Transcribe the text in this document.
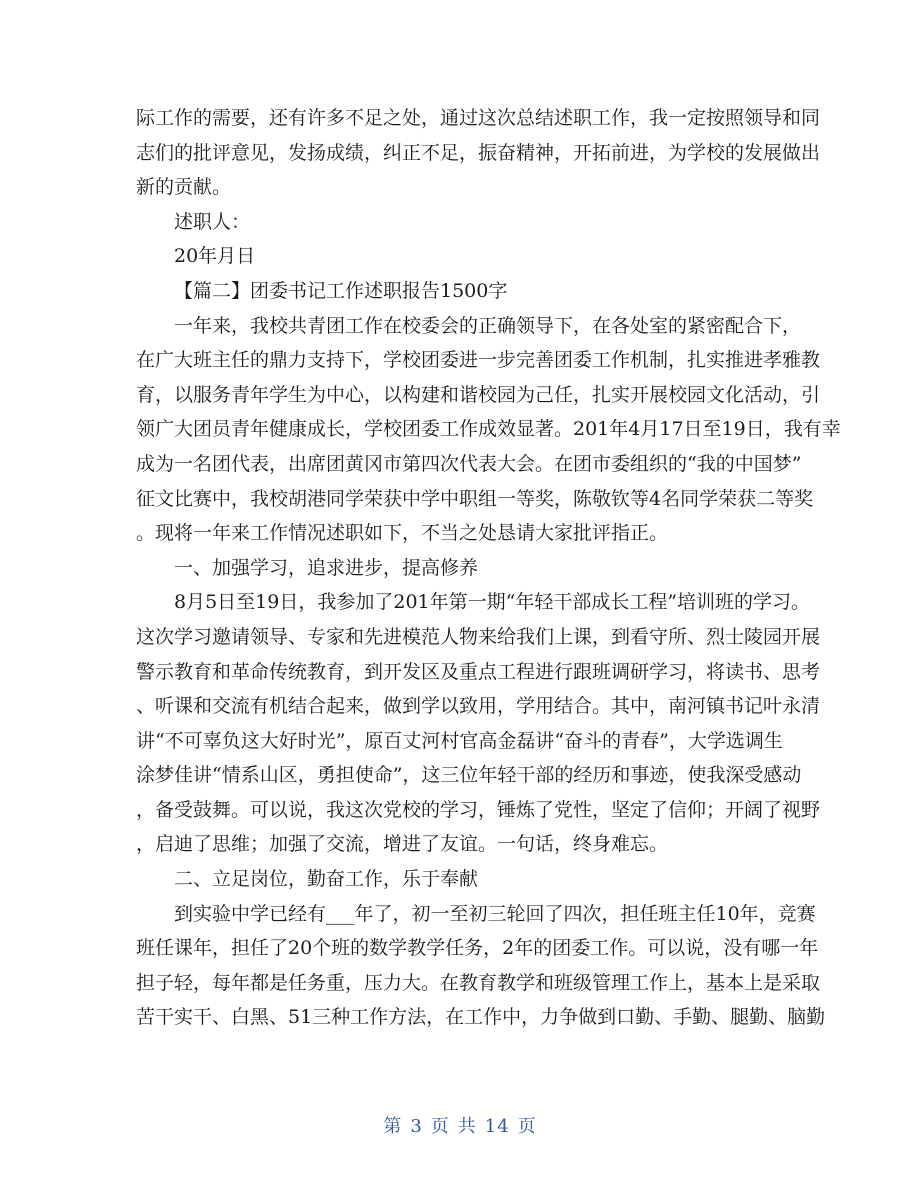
际工作的需要，还有许多不足之处，通过这次总结述职工作，我一定按照领导和同
志们的批评意见，发扬成绩，纠正不足，振奋精神，开拓前进，为学校的发展做出
新的贡献。
述职人：
20年月日
【篇二】团委书记工作述职报告1500字
一年来，我校共青团工作在校委会的正确领导下，在各处室的紧密配合下，
在广大班主任的鼎力支持下，学校团委进一步完善团委工作机制，扎实推进孝雅教
育，以服务青年学生为中心，以构建和谐校园为己任，扎实开展校园文化活动，引
领广大团员青年健康成长，学校团委工作成效显著。201年4月17日至19日，我有幸
成为一名团代表，出席团黄冈市第四次代表大会。在团市委组织的“我的中国梦”
征文比赛中，我校胡港同学荣获中学中职组一等奖，陈敬钦等4名同学荣获二等奖
。现将一年来工作情况述职如下，不当之处恳请大家批评指正。
一、加强学习，追求进步，提高修养
8月5日至19日，我参加了201年第一期“年轻干部成长工程”培训班的学习。
这次学习邀请领导、专家和先进模范人物来给我们上课，到看守所、烈士陵园开展
警示教育和革命传统教育，到开发区及重点工程进行跟班调研学习，将读书、思考
、听课和交流有机结合起来，做到学以致用，学用结合。其中，南河镇书记叶永清
讲“不可辜负这大好时光”，原百丈河村官高金磊讲“奋斗的青春”，大学选调生
涂梦佳讲“情系山区，勇担使命”，这三位年轻干部的经历和事迹，使我深受感动
，备受鼓舞。可以说，我这次党校的学习，锤炼了党性，坚定了信仰；开阔了视野
，启迪了思维；加强了交流，增进了友谊。一句话，终身难忘。
二、立足岗位，勤奋工作，乐于奉献
到实验中学已经有___年了，初一至初三轮回了四次，担任班主任10年，竞赛
班任课年，担任了20个班的数学教学任务，2年的团委工作。可以说，没有哪一年
担子轻，每年都是任务重，压力大。在教育教学和班级管理工作上，基本上是采取
苦干实干、白黑、51三种工作方法，在工作中，力争做到口勤、手勤、腿勤、脑勤
第 3 页 共 14 页
